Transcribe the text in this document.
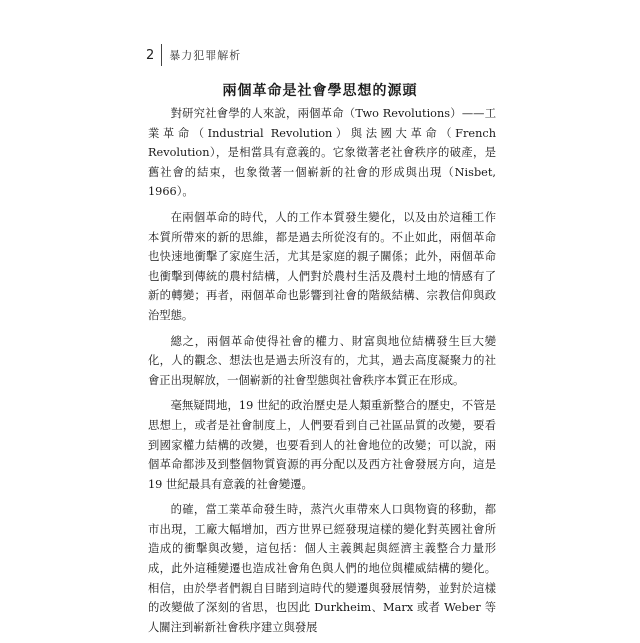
2 暴力犯罪解析
兩個革命是社會學思想的源頭

對研究社會學的人來說，兩個革命（Two Revolutions）——工業革命（Industrial Revolution）與法國大革命（French Revolution），是相當具有意義的。它象徵著老社會秩序的破產，是舊社會的結束，也象徵著一個嶄新的社會的形成與出現（Nisbet, 1966）。

在兩個革命的時代，人的工作本質發生變化，以及由於這種工作本質所帶來的新的思維，都是過去所從沒有的。不止如此，兩個革命也快速地衝擊了家庭生活，尤其是家庭的親子關係；此外，兩個革命也衝擊到傳統的農村結構，人們對於農村生活及農村土地的情感有了新的轉變；再者，兩個革命也影響到社會的階級結構、宗教信仰與政治型態。

總之，兩個革命使得社會的權力、財富與地位結構發生巨大變化，人的觀念、想法也是過去所沒有的，尤其，過去高度凝聚力的社會正出現解放，一個嶄新的社會型態與社會秩序本質正在形成。

毫無疑問地，19 世紀的政治歷史是人類重新整合的歷史，不管是思想上，或者是社會制度上，人們要看到自己社區品質的改變，要看到國家權力結構的改變，也要看到人的社會地位的改變；可以說，兩個革命都涉及到整個物質資源的再分配以及西方社會發展方向，這是 19 世紀最具有意義的社會變遷。

的確，當工業革命發生時，蒸汽火車帶來人口與物資的移動，都市出現，工廠大幅增加，西方世界已經發現這樣的變化對英國社會所造成的衝擊與改變，這包括：個人主義興起與經濟主義整合力量形成，此外這種變遷也造成社會角色與人們的地位與權威結構的變化。相信，由於學者們親自目睹到這時代的變遷與發展情勢，並對於這樣的改變做了深刻的省思，也因此 Durkheim、Marx 或者 Weber 等人關注到嶄新社會秩序建立與發展
